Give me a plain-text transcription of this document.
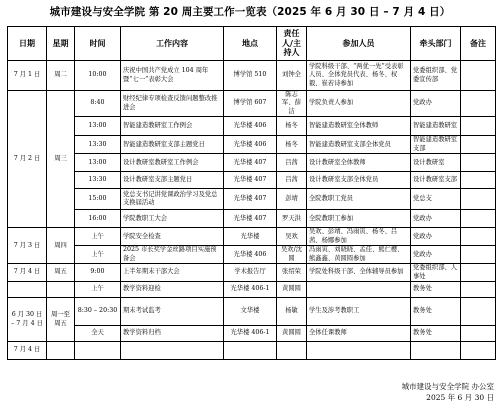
城市建设与安全学院 第 20 周主要工作一览表（2025 年 6 月 30 日 – 7 月 4 日）
日期	星期	时间	工作内容	地点	责任人/主持人	参加人员	牵头部门	备注
7 月 1 日	周二	10:00	庆祝中国共产党成立 104 周年暨“七一”表彰大会	博学馆 510	刘钟全	学院科级干部、“两优一先”受表彰人员、全体党员代表、杨冬、权毅、崔若诗参加	党委组织部、党委宣传部	
7 月 2 日	周三	8:40	财经纪律专项检查反馈问题整改推进会	博学馆 607	陈志军、薛洁	学院负责人参加	党政办	
		13:00	智能建造教研室工作例会	光华楼 406	杨冬	智能建造教研室全体教师	智能建造教研室	
		13:30	智能建造教研室支部主题党日	光华楼 406	杨冬	智能建造教研室支部全体党员	智能建造教研室支部	
		13:00	设计教研室教研室工作例会	光华楼 407	吕茜	设计教研室全体教师	设计教研室	
		13:30	设计教研室支部主题党日	光华楼 407	吕茜	设计教研室支部全体党员	设计教研室支部	
		15:00	党总支书记讲党课政治学习及党总支换届活动	光华楼 407	彭靖	全院教职工党员	党总支	
		16:00	学院教职工大会	光华楼 407	罗天洪	全院教职工参加	党政办	
7 月 3 日	周四	上午	学院安全检查	光华楼	吴欢	吴欢、彭靖、冯雨寅、杨冬、吕茜、杨娜参加	党政办	
		上午	2025 市长奖学金丝路项目实施预备会	光华楼 406	吴欢/沈圆	冯雨寅、刘晓晓、孟佳、熊仁樱、熊鑫鑫、黄圆圆参加	党政办	
7 月 4 日	周五	9:00	上半年期末干部大会	学术报告厅	张绍荣	学院处科级干部、全体辅导员参加	党委组织部、人事处	
		上午	教学资料迎检	光华楼 406-1	黄圆圆		教务处	
6 月 30 日 – 7 月 4 日	周一至周五	8:30 – 20:30	期末考试监考	文华楼	杨敏	学生及涉考教职工	教务处	
		全天	教学资料归档	光华楼 406-1	黄圆圆	全体任课教师	教务处	
7 月 4 日								
城市建设与安全学院 办公室
2025 年 6 月 30 日
